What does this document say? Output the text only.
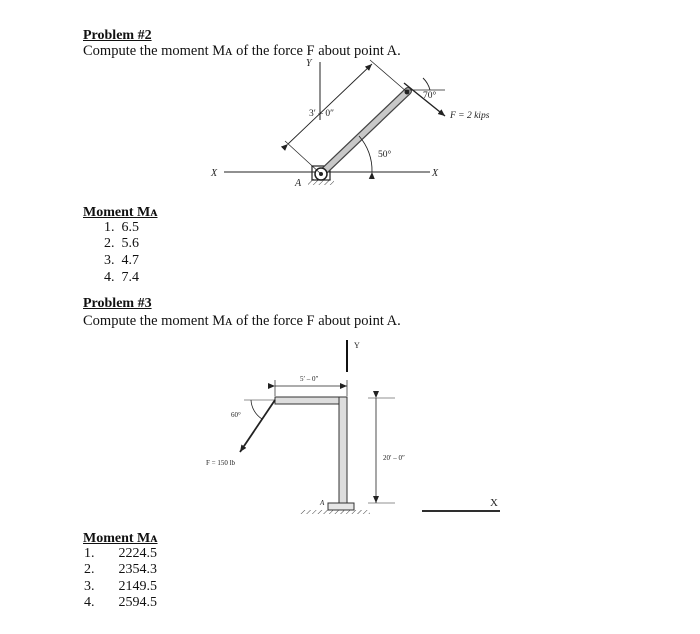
Problem #2
Compute the moment Mᴀ of the force F about point A.
Y
X	X
A
3′ – 0″
50°
70°
F = 2 kips
Moment Mᴀ
1. 6.5
2. 5.6
3. 4.7
4. 7.4
Problem #3
Compute the moment Mᴀ of the force F about point A.
Y
5′ – 0″
A
20′ – 0″
60°
F = 150 lb
X
Moment Mᴀ
1. 2224.5
2. 2354.3
3. 2149.5
4. 2594.5
